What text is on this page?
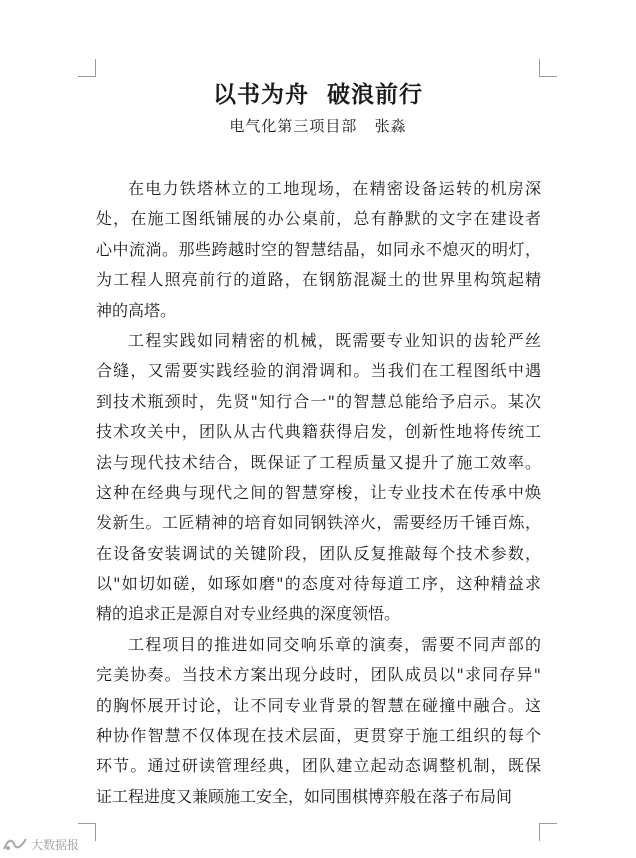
以书为舟  破浪前行
电气化第三项目部   张淼
在电力铁塔林立的工地现场，在精密设备运转的机房深
处，在施工图纸铺展的办公桌前，总有静默的文字在建设者
心中流淌。那些跨越时空的智慧结晶，如同永不熄灭的明灯，
为工程人照亮前行的道路，在钢筋混凝土的世界里构筑起精
神的高塔。
工程实践如同精密的机械，既需要专业知识的齿轮严丝
合缝，又需要实践经验的润滑调和。当我们在工程图纸中遇
到技术瓶颈时，先贤"知行合一"的智慧总能给予启示。某次
技术攻关中，团队从古代典籍获得启发，创新性地将传统工
法与现代技术结合，既保证了工程质量又提升了施工效率。
这种在经典与现代之间的智慧穿梭，让专业技术在传承中焕
发新生。工匠精神的培育如同钢铁淬火，需要经历千锤百炼，
在设备安装调试的关键阶段，团队反复推敲每个技术参数，
以"如切如磋，如琢如磨"的态度对待每道工序，这种精益求
精的追求正是源自对专业经典的深度领悟。
工程项目的推进如同交响乐章的演奏，需要不同声部的
完美协奏。当技术方案出现分歧时，团队成员以"求同存异"
的胸怀展开讨论，让不同专业背景的智慧在碰撞中融合。这
种协作智慧不仅体现在技术层面，更贯穿于施工组织的每个
环节。通过研读管理经典，团队建立起动态调整机制，既保
证工程进度又兼顾施工安全，如同围棋博弈般在落子布局间
大数据报
